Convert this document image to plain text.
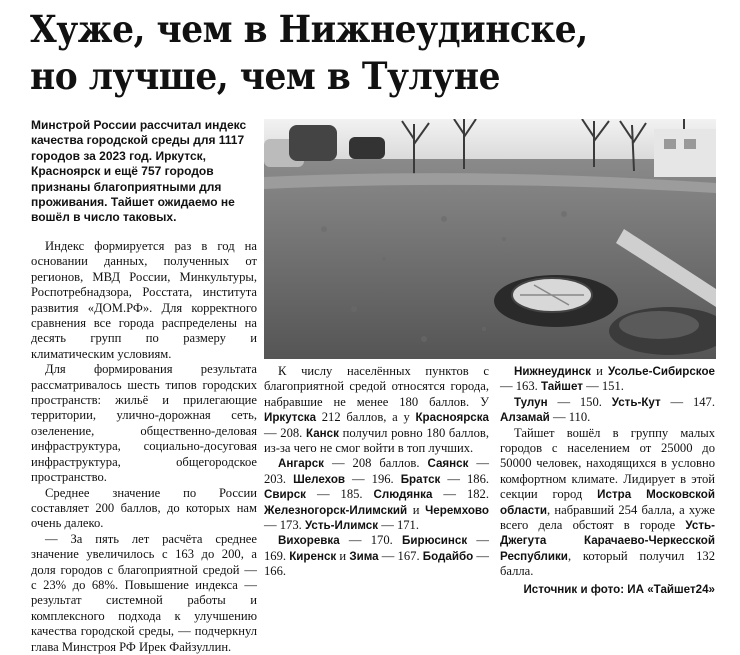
Хуже, чем в Нижнеудинске,
но лучше, чем в Тулуне
Минстрой России рассчитал индекс качества городской среды для 1117 городов за 2023 год. Иркутск, Красноярск и ещё 757 городов признаны благоприятными для проживания. Тайшет ожидаемо не вошёл в число таковых.

Индекс формируется раз в год на основании данных, полученных от регионов, МВД России, Минкультуры, Роспотребнадзора, Росстата, института развития «ДОМ.РФ». Для корректного сравнения все города распределены на десять групп по размеру и климатическим условиям.

Для формирования результата рассматривалось шесть типов городских пространств: жильё и прилегающие территории, улично-дорожная сеть, озеленение, общественно-деловая инфраструктура, социально-досуговая инфраструктура, общегородское пространство.

Среднее значение по России составляет 200 баллов, до которых нам очень далеко.

— За пять лет расчёта среднее значение увеличилось с 163 до 200, а доля городов с благоприятной средой — с 23% до 68%. Повышение индекса — результат системной работы и комплексного подхода к улучшению качества городской среды, — подчеркнул глава Минстроя РФ Ирек Файзуллин.

К числу населённых пунктов с благоприятной средой относятся города, набравшие не менее 180 баллов. У Иркутска 212 баллов, а у Красноярска — 208. Канск получил ровно 180 баллов, из-за чего не смог войти в топ лучших.

Ангарск — 208 баллов. Саянск — 203. Шелехов — 196. Братск — 186. Свирск — 185. Слюдянка — 182. Железногорск-Илимский и Черемхово — 173. Усть-Илимск — 171.

Вихоревка — 170. Бирюсинск — 169. Киренск и Зима — 167. Бодайбо — 166.

Нижнеудинск и Усолье-Сибирское — 163. Тайшет — 151.

Тулун — 150. Усть-Кут — 147. Алзамай — 110.

Тайшет вошёл в группу малых городов с населением от 25000 до 50000 человек, находящихся в условно комфортном климате. Лидирует в этой секции город Истра Московской области, набравший 254 балла, а хуже всего дела обстоят в городе Усть-Джегута Карачаево-Черкесской Республики, который получил 132 балла.

Источник и фото: ИА «Тайшет24»
